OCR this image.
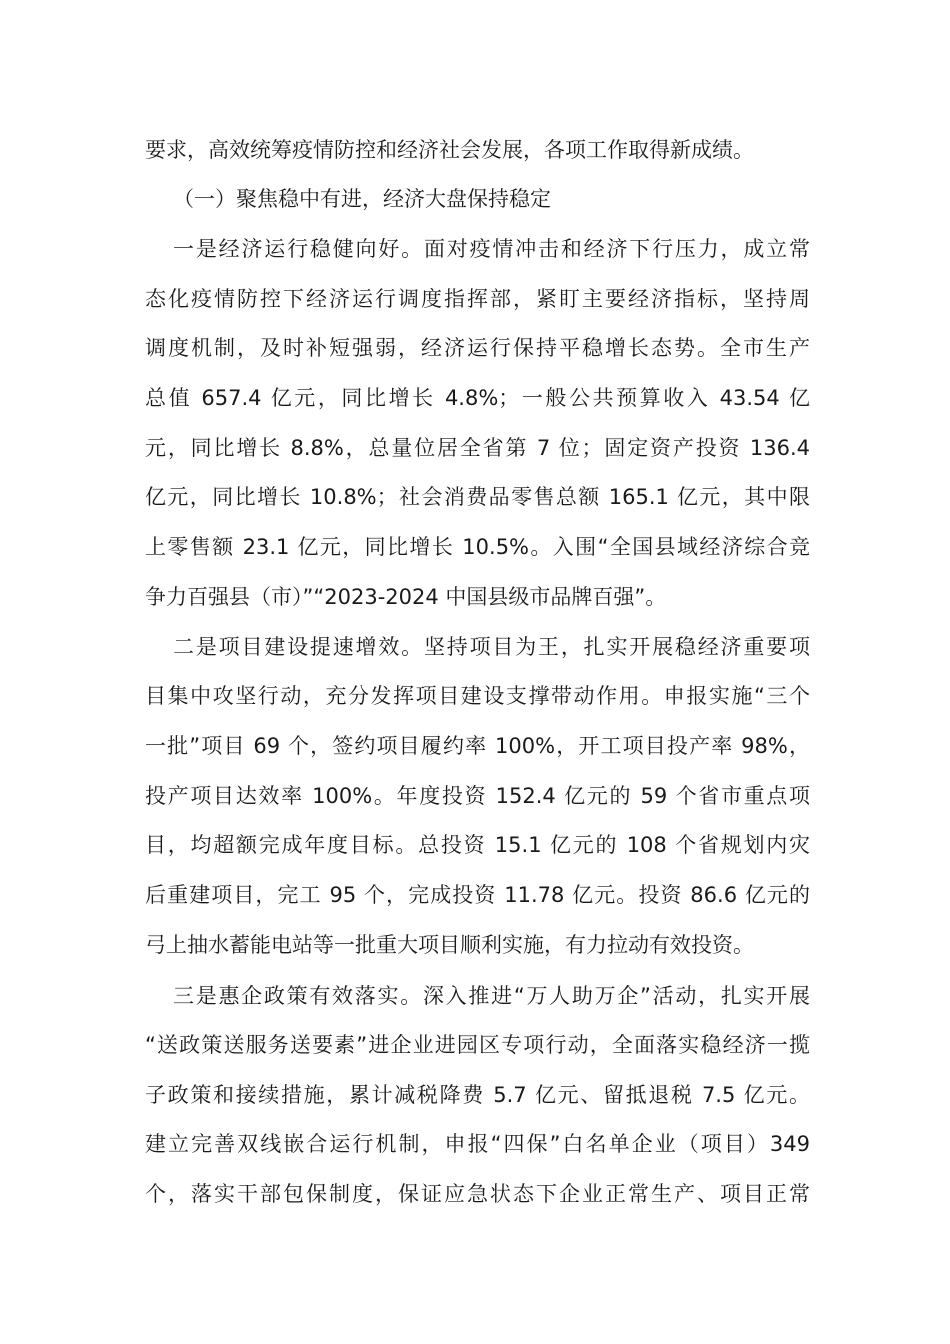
要求，高效统筹疫情防控和经济社会发展，各项工作取得新成绩。
（一）聚焦稳中有进，经济大盘保持稳定
一是经济运行稳健向好。面对疫情冲击和经济下行压力，成立常
态化疫情防控下经济运行调度指挥部，紧盯主要经济指标，坚持周
调度机制，及时补短强弱，经济运行保持平稳增长态势。全市生产
总值 657.4 亿元，同比增长 4.8%；一般公共预算收入 43.54 亿
元，同比增长 8.8%，总量位居全省第 7 位；固定资产投资 136.4
亿元，同比增长 10.8%；社会消费品零售总额 165.1 亿元，其中限
上零售额 23.1 亿元，同比增长 10.5%。入围“全国县域经济综合竞
争力百强县（市）”“2023-2024 中国县级市品牌百强”。
二是项目建设提速增效。坚持项目为王，扎实开展稳经济重要项
目集中攻坚行动，充分发挥项目建设支撑带动作用。申报实施“三个
一批”项目 69 个，签约项目履约率 100%，开工项目投产率 98%，
投产项目达效率 100%。年度投资 152.4 亿元的 59 个省市重点项
目，均超额完成年度目标。总投资 15.1 亿元的 108 个省规划内灾
后重建项目，完工 95 个，完成投资 11.78 亿元。投资 86.6 亿元的
弓上抽水蓄能电站等一批重大项目顺利实施，有力拉动有效投资。
三是惠企政策有效落实。深入推进“万人助万企”活动，扎实开展
“送政策送服务送要素”进企业进园区专项行动，全面落实稳经济一揽
子政策和接续措施，累计减税降费 5.7 亿元、留抵退税 7.5 亿元。
建立完善双线嵌合运行机制，申报“四保”白名单企业（项目）349
个，落实干部包保制度，保证应急状态下企业正常生产、项目正常
